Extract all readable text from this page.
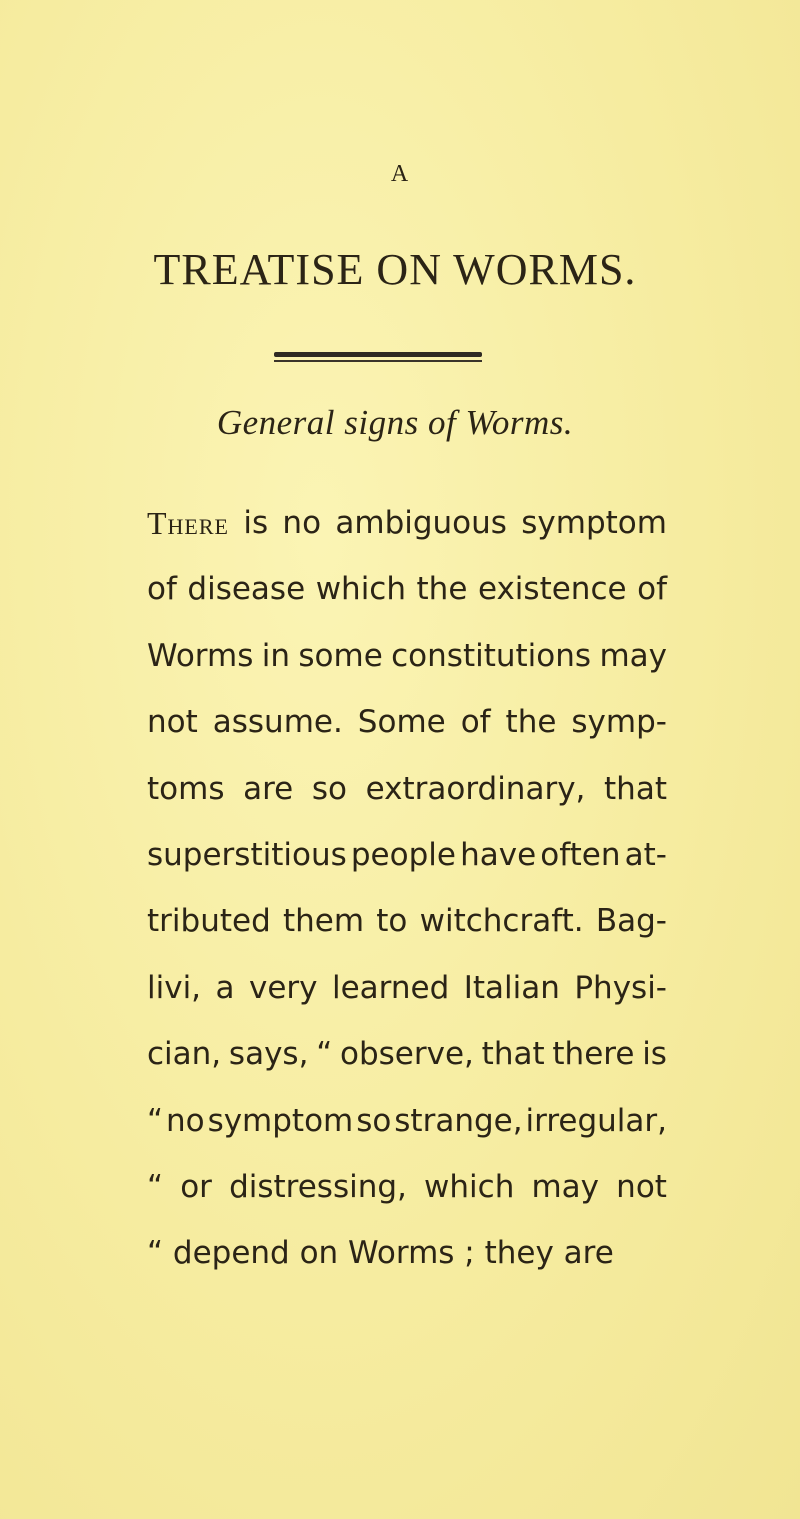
A
TREATISE ON WORMS.
General signs of Worms.
There is no ambiguous symptom
of disease which the existence of
Worms in some constitutions may
not assume. Some of the symp-
toms are so extraordinary, that
superstitious people have often at-
tributed them to witchcraft. Bag-
livi, a very learned Italian Physi-
cian, says, “ observe, that there is
“ no symptom so strange, irregular,
“ or distressing, which may not
“ depend on Worms ; they are
